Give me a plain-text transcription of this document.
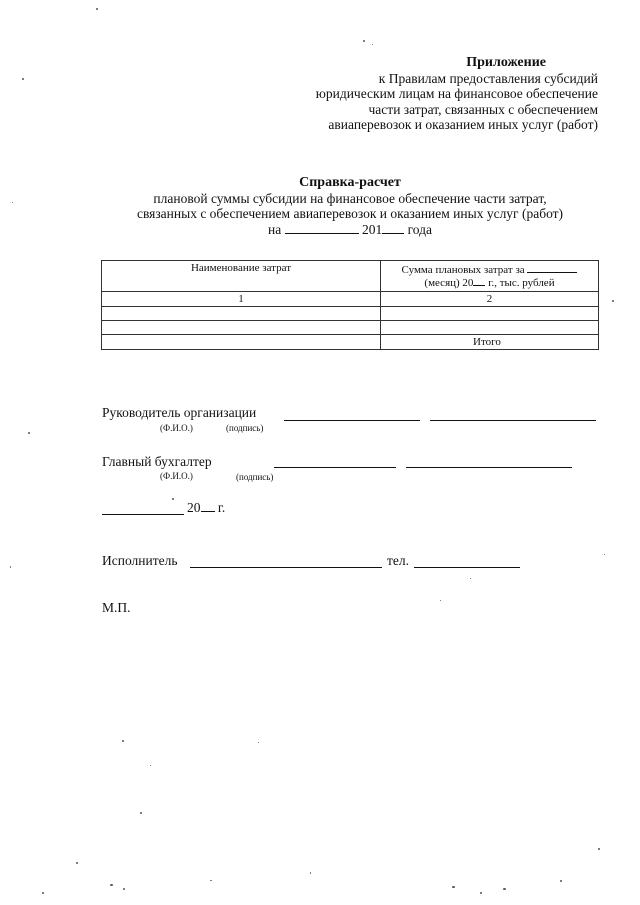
Приложение
к Правилам предоставления субсидий
юридическим лицам на финансовое обеспечение
части затрат, связанных с обеспечением
авиаперевозок и оказанием иных услуг (работ)
Справка-расчет
плановой суммы субсидии на финансовое обеспечение части затрат,
связанных с обеспечением авиаперевозок и оказанием иных услуг (работ)
на	201 года
Наименование затрат	Сумма плановых затрат за
(месяц) 20 г., тыс. рублей

1	2

	Итого
Руководитель организации
(Ф.И.О.)	(подпись)
Главный бухгалтер
(Ф.И.О.)	(подпись)
20 г.
Исполнитель	тел.
М.П.
